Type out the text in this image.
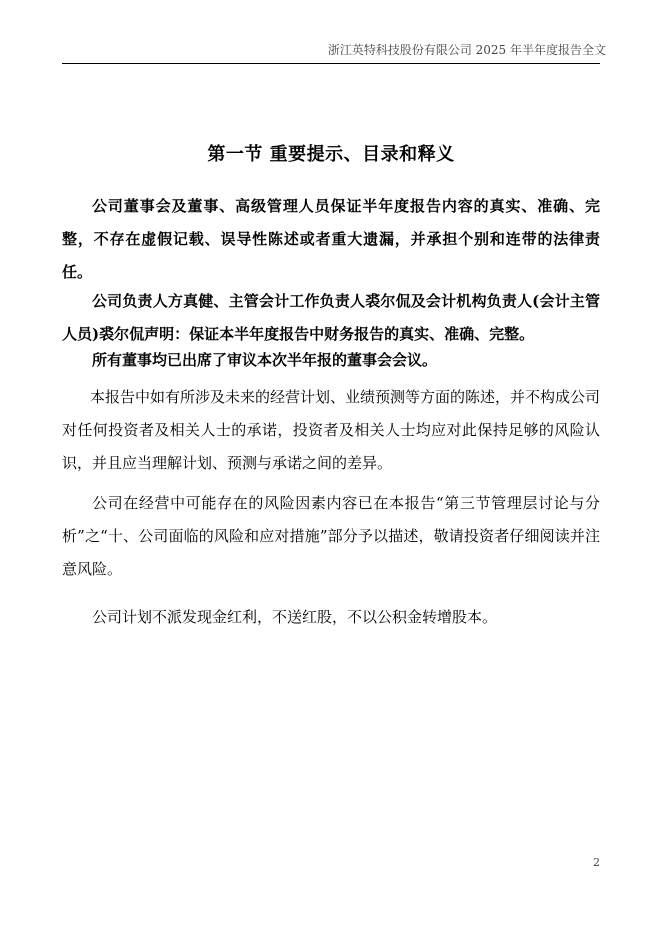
浙江英特科技股份有限公司 2025 年半年度报告全文
第一节 重要提示、目录和释义

公司董事会及董事、高级管理人员保证半年度报告内容的真实、准确、完整，不存在虚假记载、误导性陈述或者重大遗漏，并承担个别和连带的法律责任。

公司负责人方真健、主管会计工作负责人裘尔侃及会计机构负责人(会计主管人员)裘尔侃声明：保证本半年度报告中财务报告的真实、准确、完整。

所有董事均已出席了审议本次半年报的董事会会议。

本报告中如有所涉及未来的经营计划、业绩预测等方面的陈述，并不构成公司对任何投资者及相关人士的承诺，投资者及相关人士均应对此保持足够的风险认识，并且应当理解计划、预测与承诺之间的差异。

公司在经营中可能存在的风险因素内容已在本报告“第三节管理层讨论与分析”之“十、公司面临的风险和应对措施”部分予以描述，敬请投资者仔细阅读并注意风险。

公司计划不派发现金红利，不送红股，不以公积金转增股本。

2
